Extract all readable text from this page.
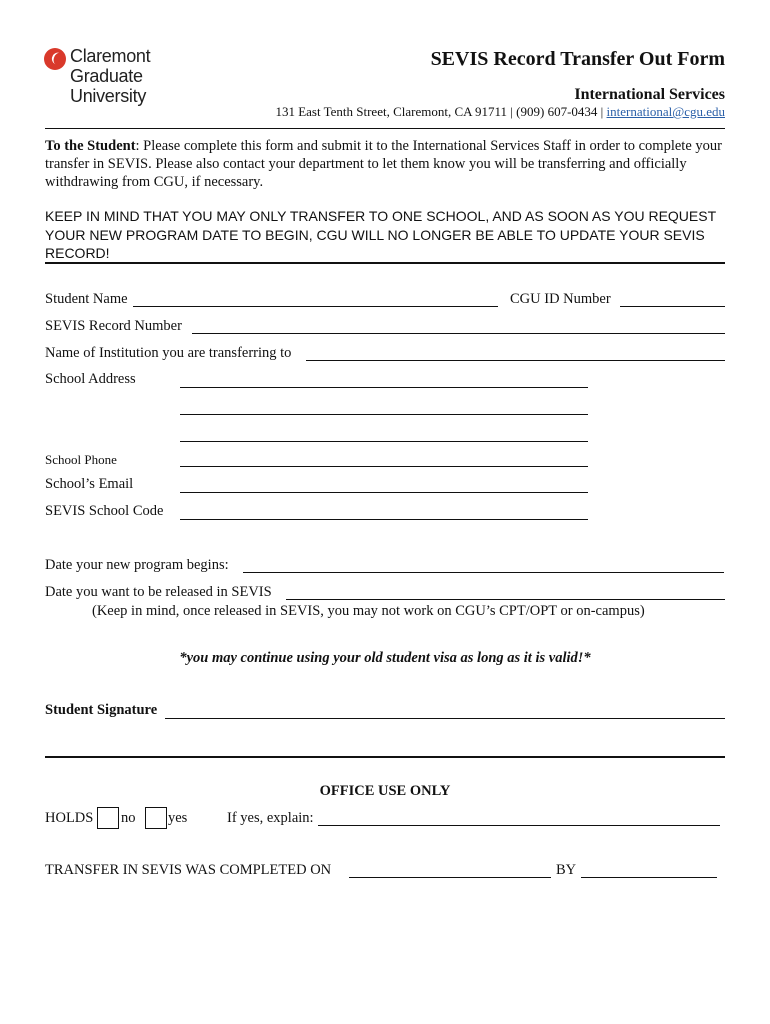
Claremont
Graduate
University
SEVIS Record Transfer Out Form
International Services
131 East Tenth Street, Claremont, CA 91711 | (909) 607-0434 | international@cgu.edu
To the Student: Please complete this form and submit it to the International Services Staff in order to complete your transfer in SEVIS. Please also contact your department to let them know you will be transferring and officially withdrawing from CGU, if necessary.
KEEP IN MIND THAT YOU MAY ONLY TRANSFER TO ONE SCHOOL, AND AS SOON AS YOU REQUEST YOUR NEW PROGRAM DATE TO BEGIN, CGU WILL NO LONGER BE ABLE TO UPDATE YOUR SEVIS RECORD!
Student Name	CGU ID Number
SEVIS Record Number
Name of Institution you are transferring to
School Address
School Phone
School’s Email
SEVIS School Code
Date your new program begins:
Date you want to be released in SEVIS
(Keep in mind, once released in SEVIS, you may not work on CGU’s CPT/OPT or on-campus)
*you may continue using your old student visa as long as it is valid!*
Student Signature
OFFICE USE ONLY
HOLDS no yes	If yes, explain:
TRANSFER IN SEVIS WAS COMPLETED ON	BY
